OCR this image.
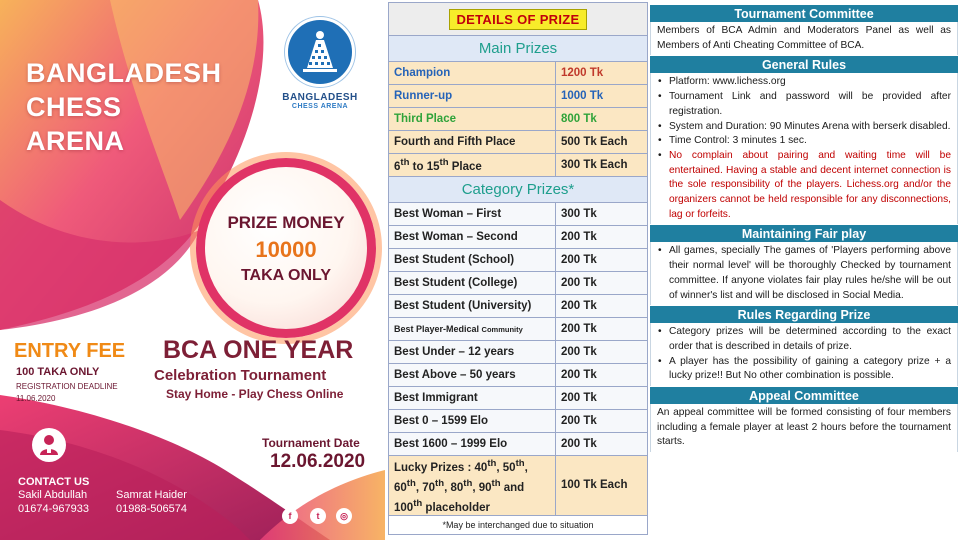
BANGLADESH
CHESS
ARENA
BANGLADESH
CHESS ARENA
PRIZE MONEY
10000
TAKA ONLY
ENTRY FEE
100 TAKA ONLY
REGISTRATION DEADLINE
11.06.2020
BCA ONE YEAR
Celebration Tournament
Stay Home - Play Chess Online
CONTACT US
Sakil Abdullah
01674-967933
Samrat Haider
01988-506574
Tournament Date
12.06.2020
f	t	◎
DETAILS OF PRIZE	
Main Prizes	
Champion	1200 Tk
Runner-up	1000 Tk
Third Place	800 Tk
Fourth and Fifth Place	500 Tk Each
6th to 15th Place	300 Tk Each
Category Prizes*	
Best Woman – First	300 Tk
Best Woman – Second	200 Tk
Best Student (School)	200 Tk
Best Student (College)	200 Tk
Best Student (University)	200 Tk
Best Player-Medical Community	200 Tk
Best Under – 12 years	200 Tk
Best Above – 50 years	200 Tk
Best Immigrant	200 Tk
Best 0 – 1599 Elo	200 Tk
Best 1600 – 1999 Elo	200 Tk
Lucky Prizes : 40th, 50th,
60th, 70th, 80th, 90th and
100th placeholder	100 Tk Each
*May be interchanged due to situation	
Tournament Committee

Members of BCA Admin and Moderators Panel as well as Members of Anti Cheating Committee of BCA.

General Rules
• Platform: www.lichess.org
• Tournament Link and password will be provided after registration.
• System and Duration: 90 Minutes Arena with berserk disabled.
• Time Control: 3 minutes 1 sec.
• No complain about pairing and waiting time will be entertained. Having a stable and decent internet connection is the sole responsibility of the players. Lichess.org and/or the organizers cannot be held responsible for any disconnections, lag or forfeits.
Maintaining Fair play
• All games, specially The games of 'Players performing above their normal level' will be thoroughly Checked by tournament committee. If anyone violates fair play rules he/she will be out of winner's list and will be disclosed in Social Media.
Rules Regarding Prize
• Category prizes will be determined according to the exact order that is described in details of prize.
• A player has the possibility of gaining a category prize + a lucky prize!! But No other combination is possible.
Appeal Committee

An appeal committee will be formed consisting of four members including a female player at least 2 hours before the tournament starts.
